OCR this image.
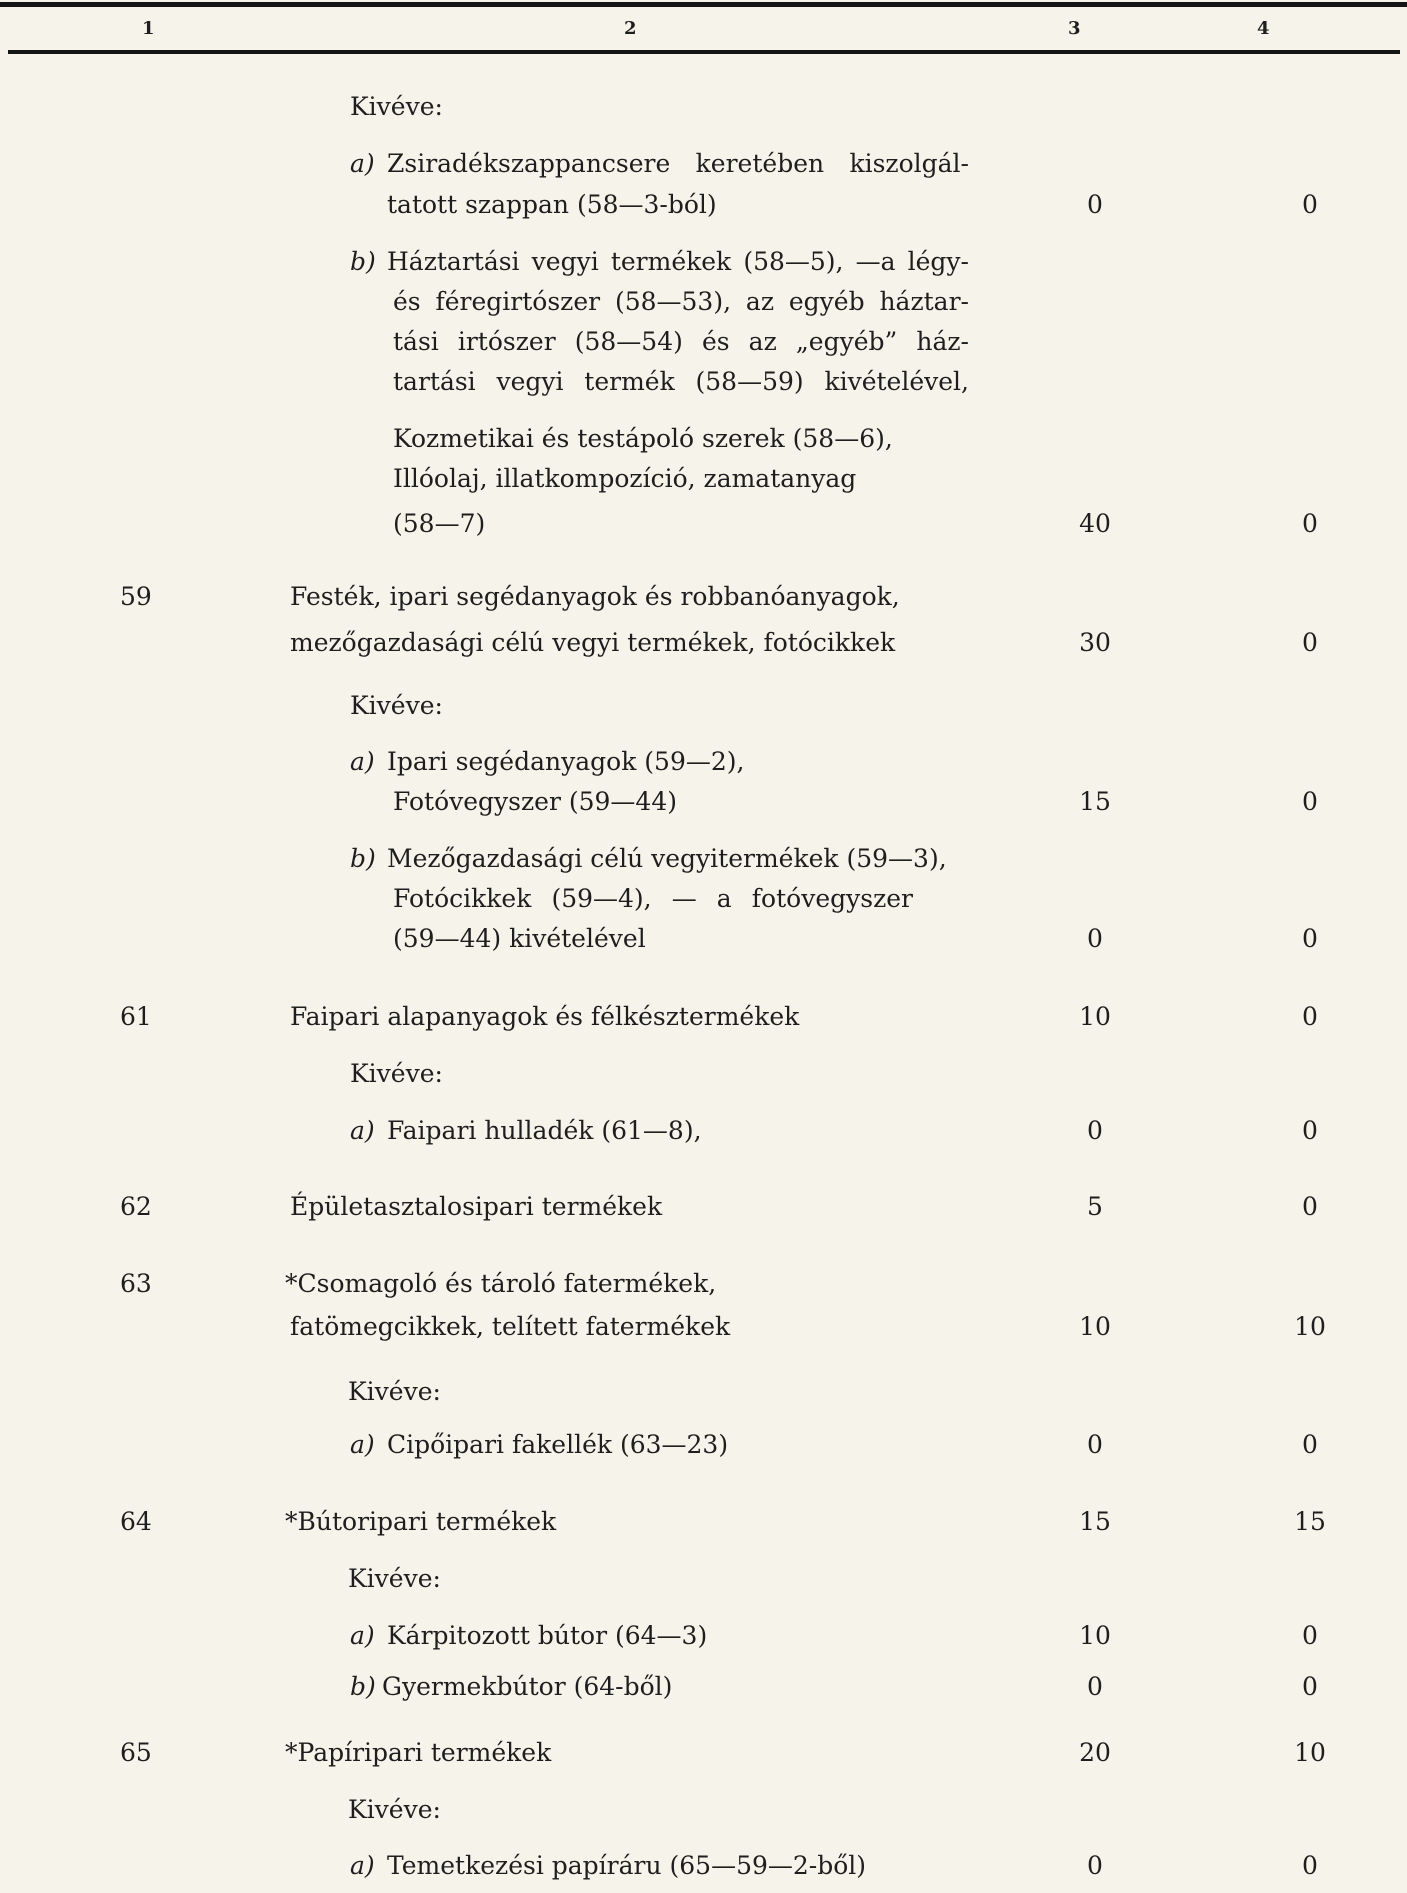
1	2	3	4
Kivéve:
a) Zsiradékszappancsere keretében kiszolgál-
tatott szappan (58—3-ból)	0	0
b) Háztartási vegyi termékek (58—5), —a légy-
és féregirtószer (58—53), az egyéb háztar-
tási irtószer (58—54) és az „egyéb” ház-
tartási vegyi termék (58—59) kivételével,
Kozmetikai és testápoló szerek (58—6),
Illóolaj, illatkompozíció, zamatanyag
(58—7)	40	0
59	Festék, ipari segédanyagok és robbanóanyagok,
mezőgazdasági célú vegyi termékek, fotócikkek	30	0
Kivéve:
a) Ipari segédanyagok (59—2),
Fotóvegyszer (59—44)	15	0
b) Mezőgazdasági célú vegyitermékek (59—3),
Fotócikkek (59—4), — a fotóvegyszer
(59—44) kivételével	0	0
61	Faipari alapanyagok és félkésztermékek	10	0
Kivéve:
a) Faipari hulladék (61—8),	0	0
62	Épületasztalosipari termékek	5	0
63	*Csomagoló és tároló fatermékek,
fatömegcikkek, telített fatermékek	10	10
Kivéve:
a) Cipőipari fakellék (63—23)	0	0
64	*Bútoripari termékek	15	15
Kivéve:
a) Kárpitozott bútor (64—3)	10	0
b) Gyermekbútor (64-ből)	0	0
65	*Papíripari termékek	20	10
Kivéve:
a) Temetkezési papíráru (65—59—2-ből)	0	0
